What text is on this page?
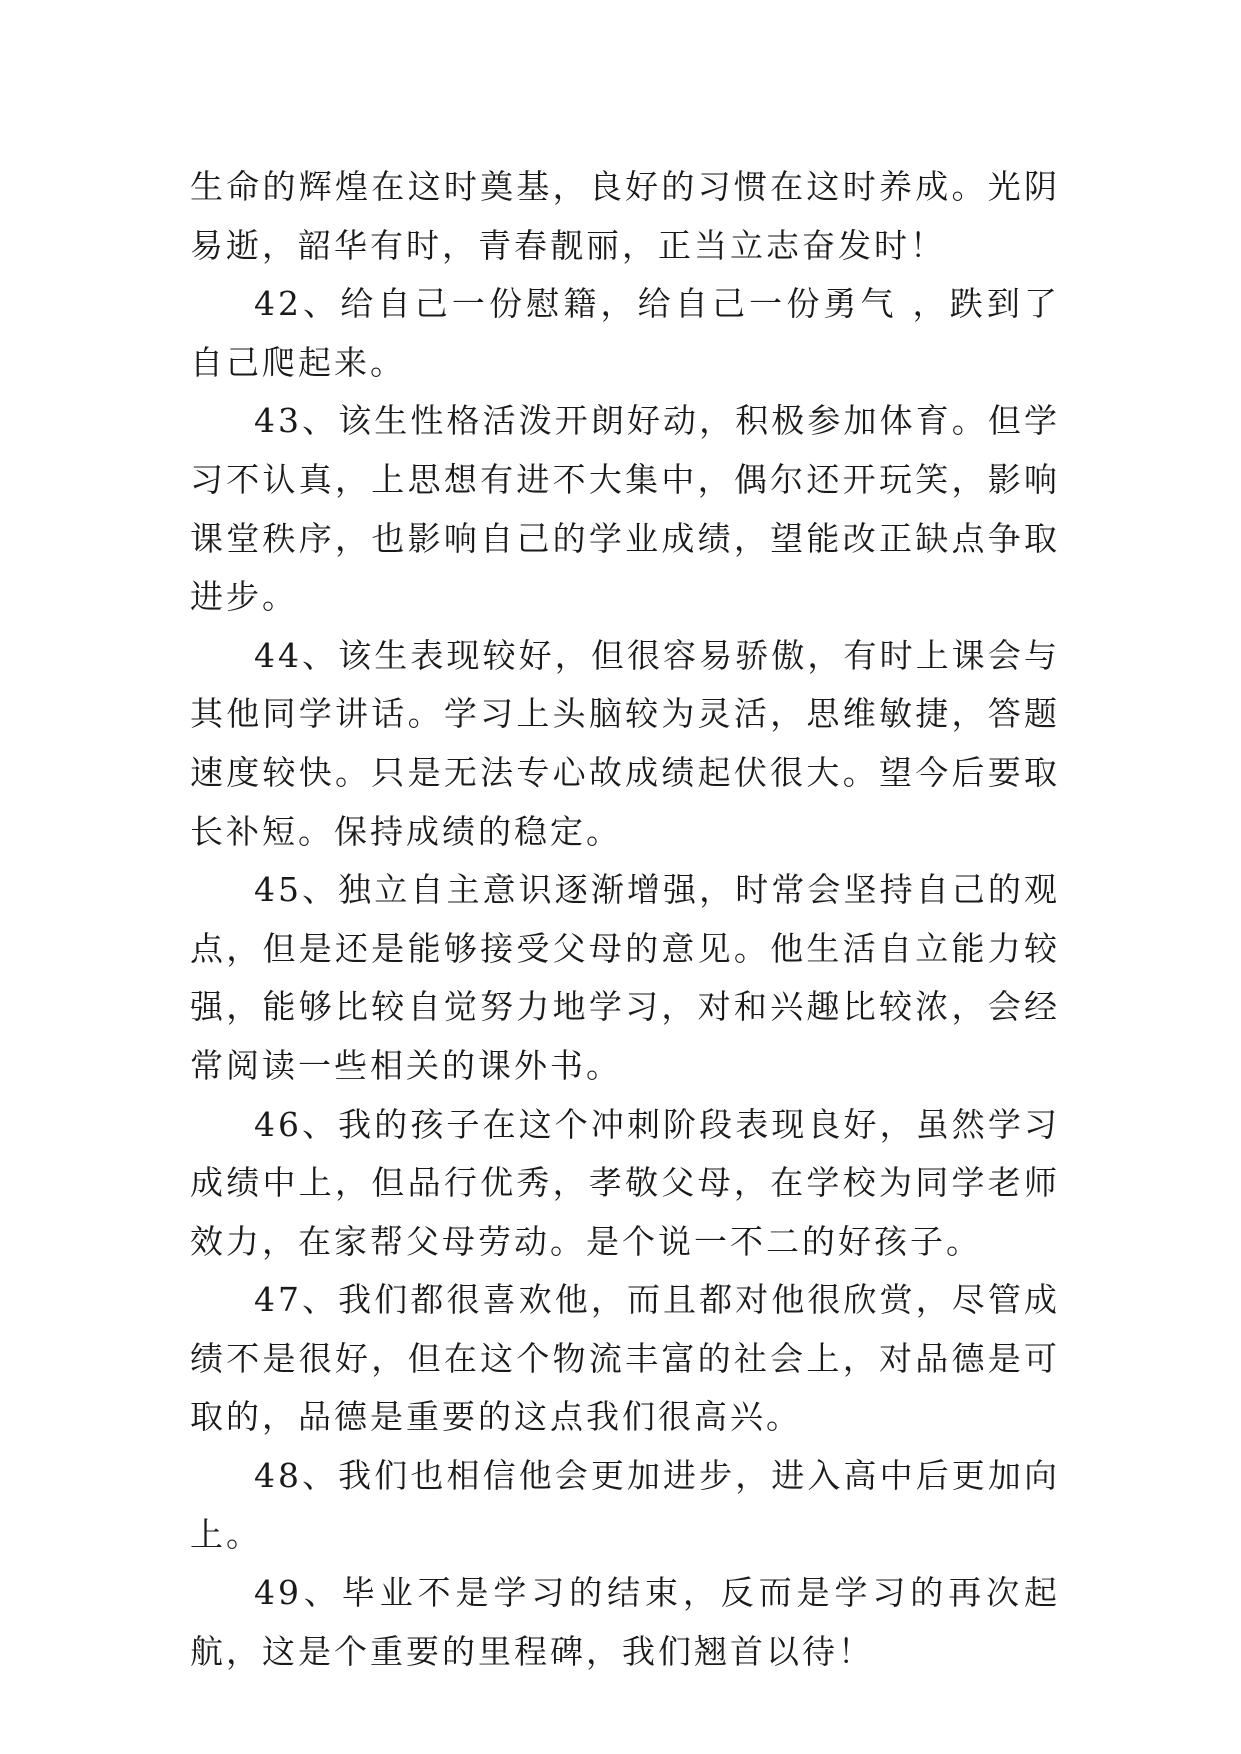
生命的辉煌在这时奠基，良好的习惯在这时养成。光阴易逝，韶华有时，青春靓丽，正当立志奋发时！

42、给自己一份慰籍，给自己一份勇气 ，跌到了自己爬起来。

43、该生性格活泼开朗好动，积极参加体育。但学习不认真，上思想有进不大集中，偶尔还开玩笑，影响课堂秩序，也影响自己的学业成绩，望能改正缺点争取进步。

44、该生表现较好，但很容易骄傲，有时上课会与其他同学讲话。学习上头脑较为灵活，思维敏捷，答题速度较快。只是无法专心故成绩起伏很大。望今后要取长补短。保持成绩的稳定。

45、独立自主意识逐渐增强，时常会坚持自己的观点，但是还是能够接受父母的意见。他生活自立能力较强，能够比较自觉努力地学习，对和兴趣比较浓，会经常阅读一些相关的课外书。

46、我的孩子在这个冲刺阶段表现良好，虽然学习成绩中上，但品行优秀，孝敬父母，在学校为同学老师效力，在家帮父母劳动。是个说一不二的好孩子。

47、我们都很喜欢他，而且都对他很欣赏，尽管成绩不是很好，但在这个物流丰富的社会上，对品德是可取的，品德是重要的这点我们很高兴。

48、我们也相信他会更加进步，进入高中后更加向上。

49、毕业不是学习的结束，反而是学习的再次起航，这是个重要的里程碑，我们翘首以待！
